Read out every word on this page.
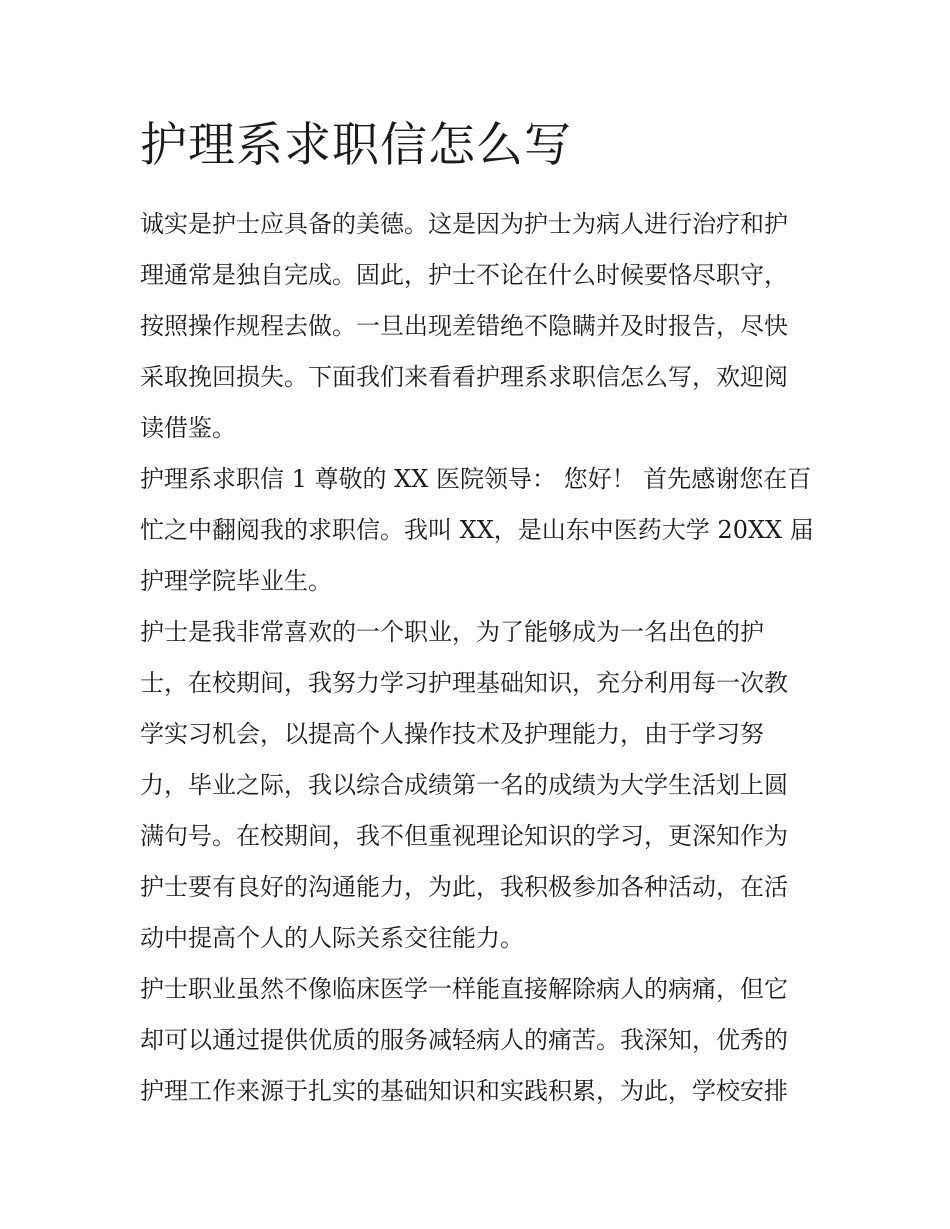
护理系求职信怎么写
诚实是护士应具备的美德。这是因为护士为病人进行治疗和护
理通常是独自完成。固此，护士不论在什么时候要恪尽职守，
按照操作规程去做。一旦出现差错绝不隐瞒并及时报告，尽快
采取挽回损失。下面我们来看看护理系求职信怎么写，欢迎阅
读借鉴。
护理系求职信 1 尊敬的 XX 医院领导： 您好！ 首先感谢您在百
忙之中翻阅我的求职信。我叫 XX，是山东中医药大学 20XX 届
护理学院毕业生。
护士是我非常喜欢的一个职业，为了能够成为一名出色的护
士，在校期间，我努力学习护理基础知识，充分利用每一次教
学实习机会，以提高个人操作技术及护理能力，由于学习努
力，毕业之际，我以综合成绩第一名的成绩为大学生活划上圆
满句号。在校期间，我不但重视理论知识的学习，更深知作为
护士要有良好的沟通能力，为此，我积极参加各种活动，在活
动中提高个人的人际关系交往能力。
护士职业虽然不像临床医学一样能直接解除病人的病痛，但它
却可以通过提供优质的服务减轻病人的痛苦。我深知，优秀的
护理工作来源于扎实的基础知识和实践积累，为此，学校安排
